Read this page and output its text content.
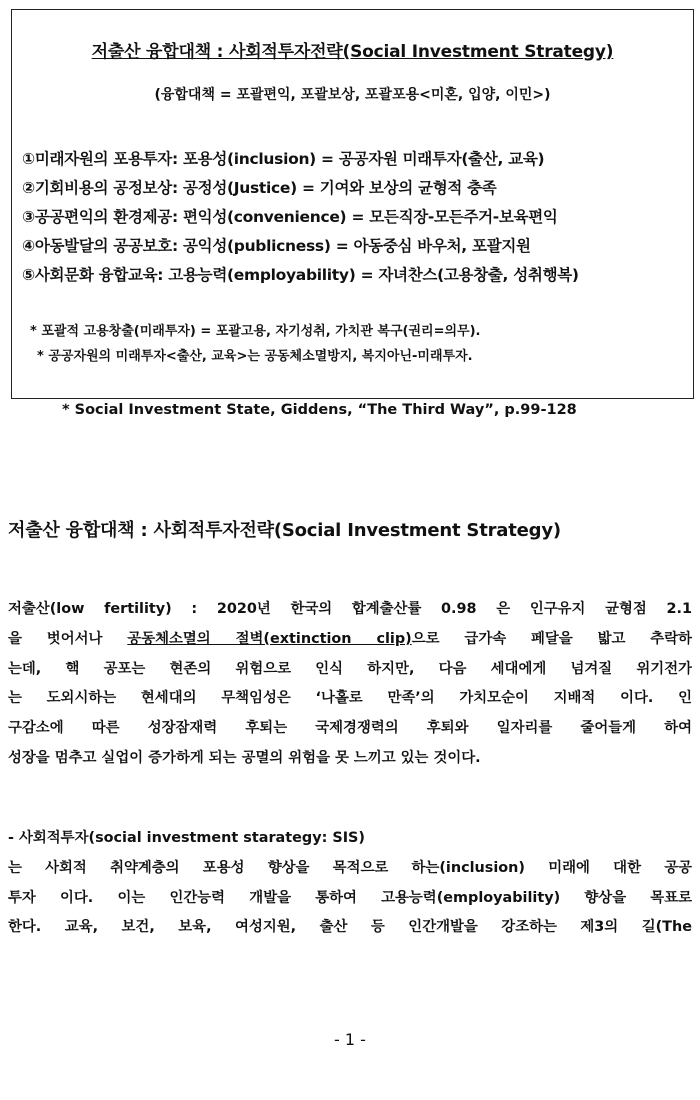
저출산 융합대책 : 사회적투자전략(Social Investment Strategy)
(융합대책 = 포괄편익, 포괄보상, 포괄포용<미혼, 입양, 이민>)
①미래자원의 포용투자: 포용성(inclusion) = 공공자원 미래투자(출산, 교육)
②기회비용의 공정보상: 공정성(Justice) = 기여와 보상의 균형적 충족
③공공편익의 환경제공: 편익성(convenience) = 모든직장-모든주거-보육편익
④아동발달의 공공보호: 공익성(publicness) = 아동중심 바우처, 포괄지원
⑤사회문화 융합교육: 고용능력(employability) = 자녀찬스(고용창출, 성취행복)
* 포괄적 고용창출(미래투자) = 포괄고용, 자기성취, 가치관 복구(권리=의무).
* 공공자원의 미래투자<출산, 교육>는 공동체소멸방지, 복지아닌-미래투자.
* Social Investment State, Giddens, “The Third Way”, p.99-128
저출산 융합대책 : 사회적투자전략(Social Investment Strategy)
저출산(low fertility) : 2020년 한국의 합계출산률 0.98 은 인구유지 균형점 2.1
을 벗어서나 공동체소멸의 절벽(extinction clip)으로 급가속 페달을 밟고 추락하
는데, 핵 공포는 현존의 위험으로 인식 하지만, 다음 세대에게 넘겨질 위기전가
는 도외시하는 현세대의 무책임성은 ‘나홀로 만족’의 가치모순이 지배적 이다. 인
구감소에 따른 성장잠재력 후퇴는 국제경쟁력의 후퇴와 일자리를 줄어들게 하여
성장을 멈추고 실업이 증가하게 되는 공멸의 위험을 못 느끼고 있는 것이다.
- 사회적투자(social investment starategy: SIS)
는 사회적 취약계층의 포용성 향상을 목적으로 하는(inclusion) 미래에 대한 공공
투자 이다. 이는 인간능력 개발을 통하여 고용능력(employability) 향상을 목표로
한다. 교육, 보건, 보육, 여성지원, 출산 등 인간개발을 강조하는 제3의 길(The
- 1 -
